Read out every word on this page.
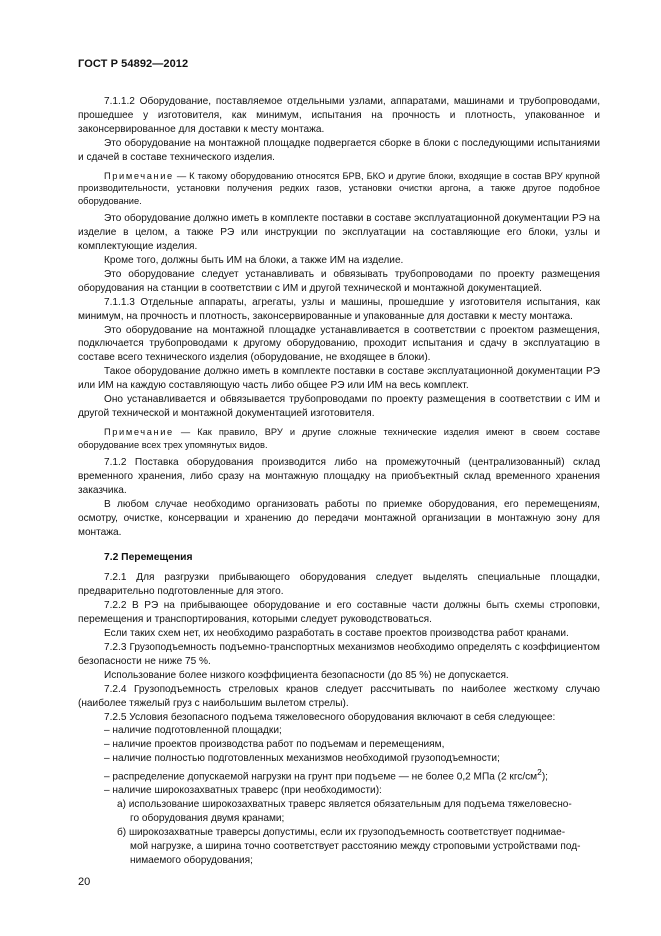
ГОСТ Р 54892—2012

7.1.1.2 Оборудование, поставляемое отдельными узлами, аппаратами, машинами и трубопроводами, прошедшее у изготовителя, как минимум, испытания на прочность и плотность, упакованное и законсервированное для доставки к месту монтажа.

Это оборудование на монтажной площадке подвергается сборке в блоки с последующими испытаниями и сдачей в составе технического изделия.

Примечание — К такому оборудованию относятся БРВ, БКО и другие блоки, входящие в состав ВРУ крупной производительности, установки получения редких газов, установки очистки аргона, а также другое подобное оборудование.

Это оборудование должно иметь в комплекте поставки в составе эксплуатационной документации РЭ на изделие в целом, а также РЭ или инструкции по эксплуатации на составляющие его блоки, узлы и комплектующие изделия.

Кроме того, должны быть ИМ на блоки, а также ИМ на изделие.

Это оборудование следует устанавливать и обвязывать трубопроводами по проекту размещения оборудования на станции в соответствии с ИМ и другой технической и монтажной документацией.

7.1.1.3 Отдельные аппараты, агрегаты, узлы и машины, прошедшие у изготовителя испытания, как минимум, на прочность и плотность, законсервированные и упакованные для доставки к месту монтажа.

Это оборудование на монтажной площадке устанавливается в соответствии с проектом размещения, подключается трубопроводами к другому оборудованию, проходит испытания и сдачу в эксплуатацию в составе всего технического изделия (оборудование, не входящее в блоки).

Такое оборудование должно иметь в комплекте поставки в составе эксплуатационной документации РЭ или ИМ на каждую составляющую часть либо общее РЭ или ИМ на весь комплект.

Оно устанавливается и обвязывается трубопроводами по проекту размещения в соответствии с ИМ и другой технической и монтажной документацией изготовителя.

Примечание — Как правило, ВРУ и другие сложные технические изделия имеют в своем составе оборудование всех трех упомянутых видов.

7.1.2 Поставка оборудования производится либо на промежуточный (централизованный) склад временного хранения, либо сразу на монтажную площадку на приобъектный склад временного хранения заказчика.

В любом случае необходимо организовать работы по приемке оборудования, его перемещениям, осмотру, очистке, консервации и хранению до передачи монтажной организации в монтажную зону для монтажа.

7.2 Перемещения

7.2.1 Для разгрузки прибывающего оборудования следует выделять специальные площадки, предварительно подготовленные для этого.

7.2.2 В РЭ на прибывающее оборудование и его составные части должны быть схемы строповки, перемещения и транспортирования, которыми следует руководствоваться.

Если таких схем нет, их необходимо разработать в составе проектов производства работ кранами.

7.2.3 Грузоподъемность подъемно-транспортных механизмов необходимо определять с коэффициентом безопасности не ниже 75 %.

Использование более низкого коэффициента безопасности (до 85 %) не допускается.

7.2.4 Грузоподъемность стреловых кранов следует рассчитывать по наиболее жесткому случаю (наиболее тяжелый груз с наибольшим вылетом стрелы).

7.2.5 Условия безопасного подъема тяжеловесного оборудования включают в себя следующее:

– наличие подготовленной площадки;

– наличие проектов производства работ по подъемам и перемещениям,

– наличие полностью подготовленных механизмов необходимой грузоподъемности;

– распределение допускаемой нагрузки на грунт при подъеме — не более 0,2 МПа (2 кгс/$см^2$);

– наличие широкозахватных траверс (при необходимости):

а) использование широкозахватных траверс является обязательным для подъема тяжеловесно-
го оборудования двумя кранами;

б) широкозахватные траверсы допустимы, если их грузоподъемность соответствует поднимае-
мой нагрузке, а ширина точно соответствует расстоянию между строповыми устройствами под-
нимаемого оборудования;

20
